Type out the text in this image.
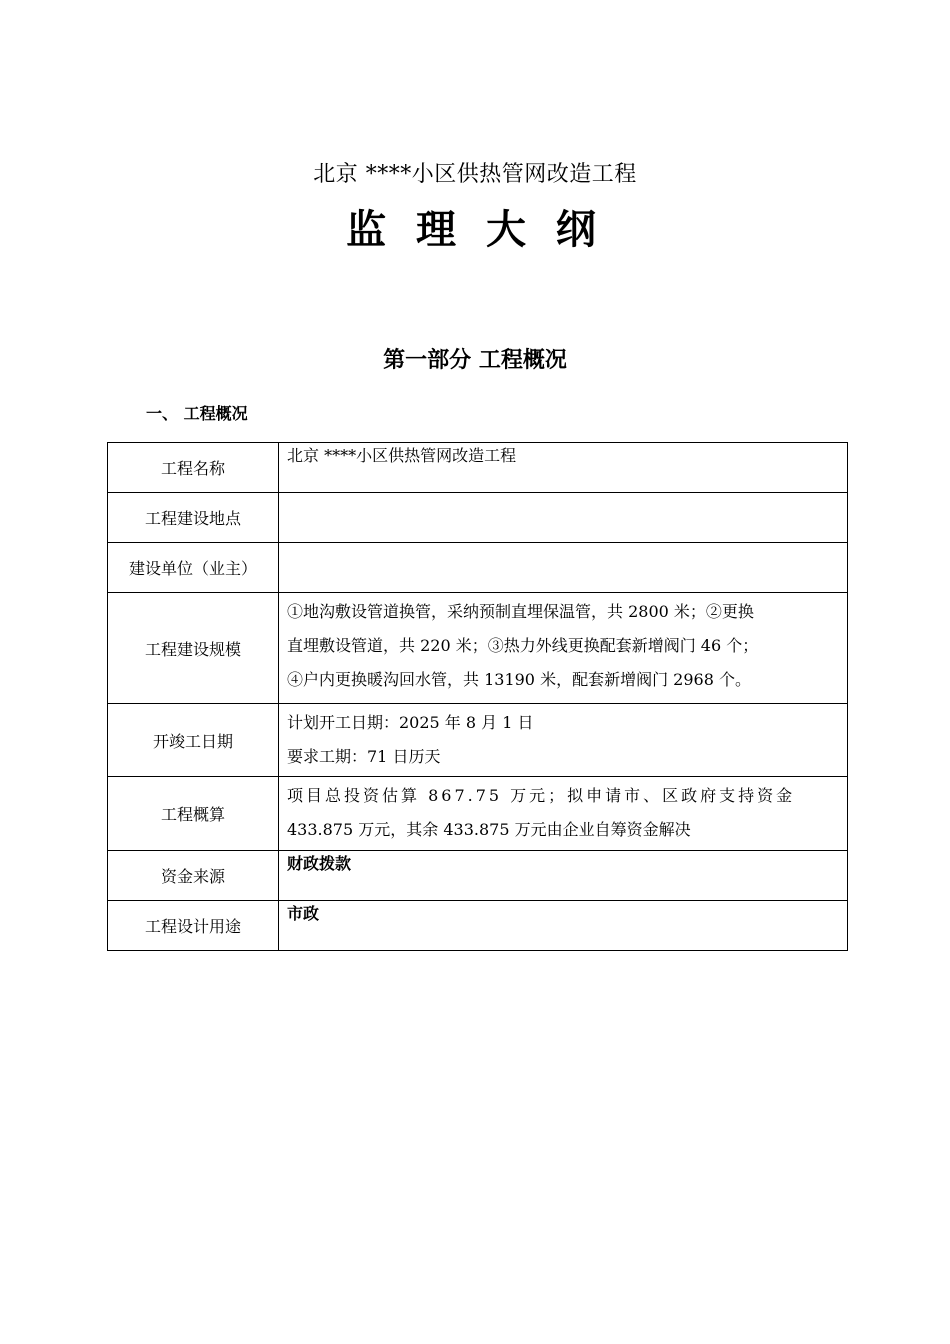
北京 ****小区供热管网改造工程
监 理 大 纲
第一部分 工程概况
一、 工程概况
工程名称	北京 ****小区供热管网改造工程

工程建设地点	

建设单位（业主）	

工程建设规模	①地沟敷设管道换管，采纳预制直埋保温管，共 2800 米；②更换
直埋敷设管道，共 220 米；③热力外线更换配套新增阀门 46 个；
④户内更换暖沟回水管，共 13190 米，配套新增阀门 2968 个。

开竣工日期	计划开工日期：2025 年 8 月 1 日
要求工期：71 日历天

工程概算	项目总投资估算 867.75 万元；拟申请市、区政府支持资金
433.875 万元，其余 433.875 万元由企业自筹资金解决

资金来源	财政拨款

工程设计用途	市政
